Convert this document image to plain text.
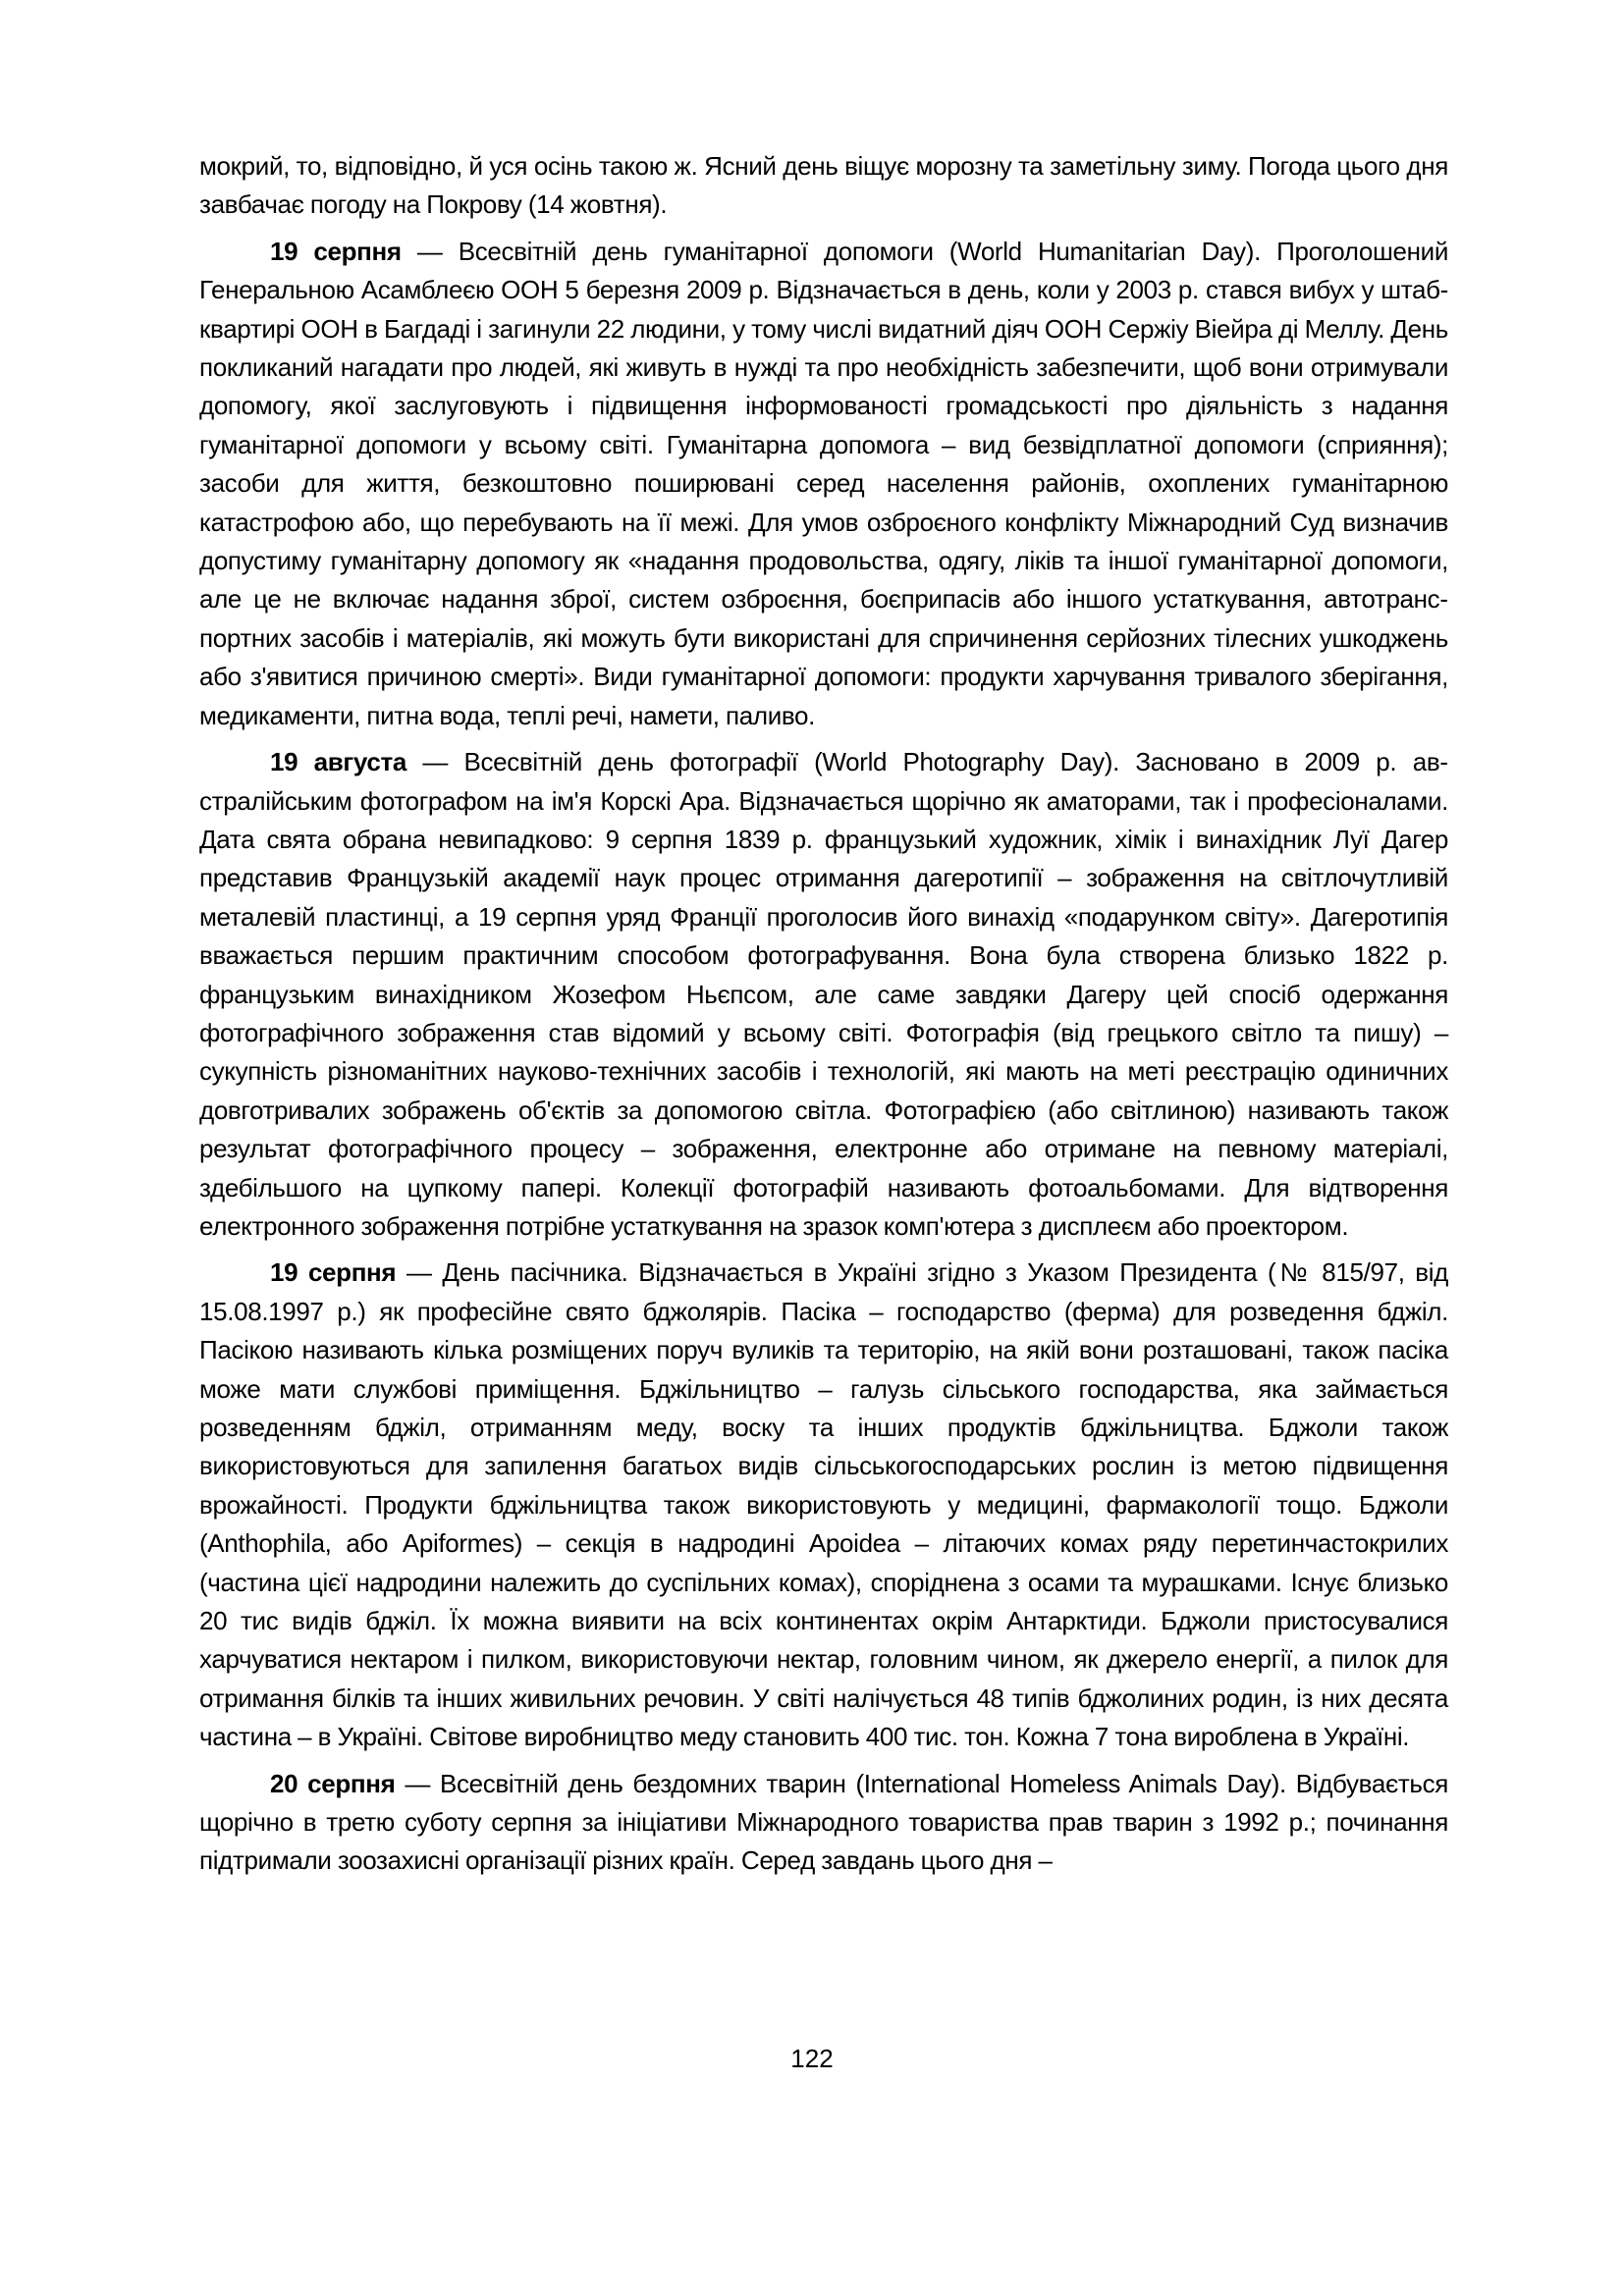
мокрий, то, відповідно, й уся осінь такою ж. Ясний день віщує морозну та заметільну зиму. Погода цього дня завбачає погоду на Покрову (14 жовтня).

19 серпня — Всесвітній день гуманітарної допомоги (World Humanitarian Day). Проголошений Генеральною Асамблеєю ООН 5 березня 2009 р. Відзначається в день, коли у 2003 р. стався вибух у штаб-квартирі ООН в Багдаді і загинули 22 людини, у тому числі видатний діяч ООН Сержіу Віейра ді Меллу. День покликаний нагадати про людей, які живуть в нужді та про необхідність забезпечити, щоб вони отримували допомогу, якої заслуговують і підвищення інформованості громадськості про діяльність з надання гуманітарної допомоги у всьому світі. Гуманітарна допомога – вид безвідплатної допомоги (сприяння); засоби для життя, безкоштовно поширювані серед населення районів, охоплених гуманітарною катастрофою або, що перебувають на її межі. Для умов озброєного конфлікту Міжнародний Суд визначив допустиму гуманітарну допомогу як «надання продовольства, одягу, ліків та іншої гуманітарної допомоги, але це не включає надання зброї, систем озброєння, боєприпасів або іншого устаткування, автотранспортних засобів і матеріалів, які можуть бути використані для спричинення серйозних тілесних ушкоджень або з'явитися причиною смерті». Види гуманітарної допомоги: продукти харчування тривалого зберігання, медикаменти, питна вода, теплі речі, намети, паливо.

19 августа — Всесвітній день фотографії (World Photography Day). Засновано в 2009 р. австралійським фотографом на ім'я Корскі Ара. Відзначається щорічно як аматорами, так і професіоналами. Дата свята обрана невипадково: 9 серпня 1839 р. французький художник, хімік і винахідник Луї Дагер представив Французькій академії наук процес отримання дагеротипії – зображення на світлочутливій металевій пластинці, а 19 серпня уряд Франції проголосив його винахід «подарунком світу». Дагеротипія вважається першим практичним способом фотографування. Вона була створена близько 1822 р. французьким винахідником Жозефом Ньєпсом, але саме завдяки Дагеру цей спосіб одержання фотографічного зображення став відомий у всьому світі. Фотографія (від грецького світло та пишу) – сукупність різноманітних науково-технічних засобів і технологій, які мають на меті реєстрацію одиничних довготривалих зображень об'єктів за допомогою світла. Фотографією (або світлиною) називають також результат фотографічного процесу – зображення, електронне або отримане на певному матеріалі, здебільшого на цупкому папері. Колекції фотографій називають фотоальбомами. Для відтворення електронного зображення потрібне устаткування на зразок комп'ютера з дисплеєм або проектором.

19 серпня — День пасічника. Відзначається в Україні згідно з Указом Президента (№ 815/97, від 15.08.1997 р.) як професійне свято бджолярів. Пасіка – господарство (ферма) для розведення бджіл. Пасікою називають кілька розміщених поруч вуликів та територію, на якій вони розташовані, також пасіка може мати службові приміщення. Бджільництво – галузь сільського господарства, яка займається розведенням бджіл, отриманням меду, воску та інших продуктів бджільництва. Бджоли також використовуються для запилення багатьох видів сільськогосподарських рослин із метою підвищення врожайності. Продукти бджільництва також використовують у медицині, фармакології тощо. Бджоли (Anthophila, або Apiformes) – секція в надродині Apoidea – літаючих комах ряду перетинчастокрилих (частина цієї надродини належить до суспільних комах), споріднена з осами та мурашками. Існує близько 20 тис видів бджіл. Їх можна виявити на всіх континентах окрім Антарктиди. Бджоли пристосувалися харчуватися нектаром і пилком, використовуючи нектар, головним чином, як джерело енергії, а пилок для отримання білків та інших живильних речовин. У світі налічується 48 типів бджолиних родин, із них десята частина – в Україні. Світове виробництво меду становить 400 тис. тон. Кожна 7 тона вироблена в Україні.

20 серпня — Всесвітній день бездомних тварин (International Homeless Animals Day). Відбувається щорічно в третю суботу серпня за ініціативи Міжнародного товариства прав тварин з 1992 р.; починання підтримали зоозахисні організації різних країн. Серед завдань цього дня –

122
